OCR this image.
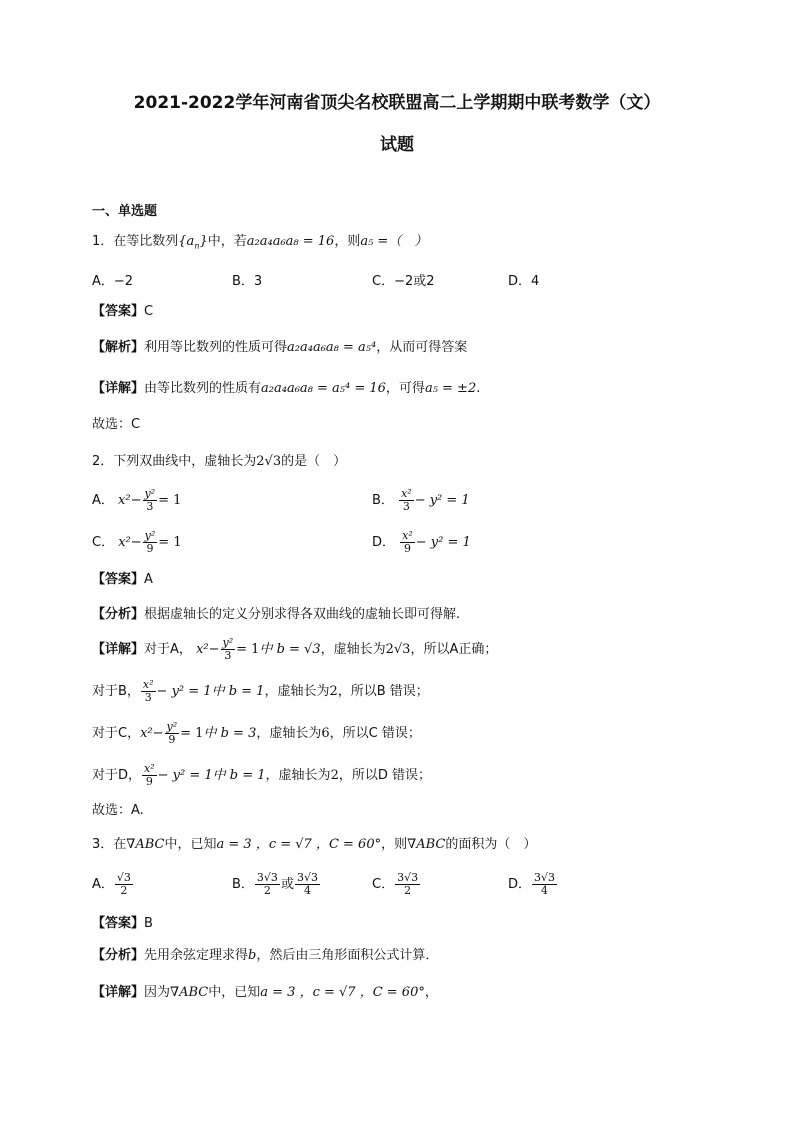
2021-2022学年河南省顶尖名校联盟高二上学期期中联考数学（文）
试题
一、单选题
1．在等比数列$\{a_n\}$中，若a₂a₄a₆a₈ = 16，则a₅ =（　）
A．−2	B．3	C．−2或2	D．4
【答案】C
【解析】利用等比数列的性质可得a₂a₄a₆a₈ = a₅⁴，从而可得答案
【详解】由等比数列的性质有a₂a₄a₆a₈ = a₅⁴ = 16，可得a₅ = ±2.
故选：C
2．下列双曲线中，虚轴长为2√3的是（　）
A． $x^2- \frac{\text{y²}}{3} = 1$	B． $\frac{\text{x²}}{3} - y^2 = 1$
C． $x^2- \frac{\text{y²}}{9} = 1$	D． $\frac{\text{x²}}{9} - y^2 = 1$
【答案】A
【分析】根据虚轴长的定义分别求得各双曲线的虚轴长即可得解.
【详解】对于A， $x^2- \frac{\text{y²}}{3} = 1$中 b = √3，虚轴长为2√3，所以A正确；
对于B， $\frac{\text{x²}}{3} - y^2 = 1$中 b = 1，虚轴长为2，所以B 错误；
对于C，$x^2- \frac{\text{y²}}{9} = 1$中 b = 3，虚轴长为6，所以C 错误；
对于D， $\frac{\text{x²}}{9} - y^2 = 1$中 b = 1，虚轴长为2，所以D 错误；
故选：A.
3．在∇ABC中，已知a = 3 ，c = √7 ，C = 60°，则∇ABC的面积为（　）
A． $\frac{√3}{2}$	B． $\frac{3√3}{2}$ 或 $\frac{3√3}{4}$	C． $\frac{3√3}{2}$	D． $\frac{3√3}{4}$
【答案】B
【分析】先用余弦定理求得b，然后由三角形面积公式计算．
【详解】因为∇ABC中，已知a = 3 ，c = √7 ，C = 60°，
